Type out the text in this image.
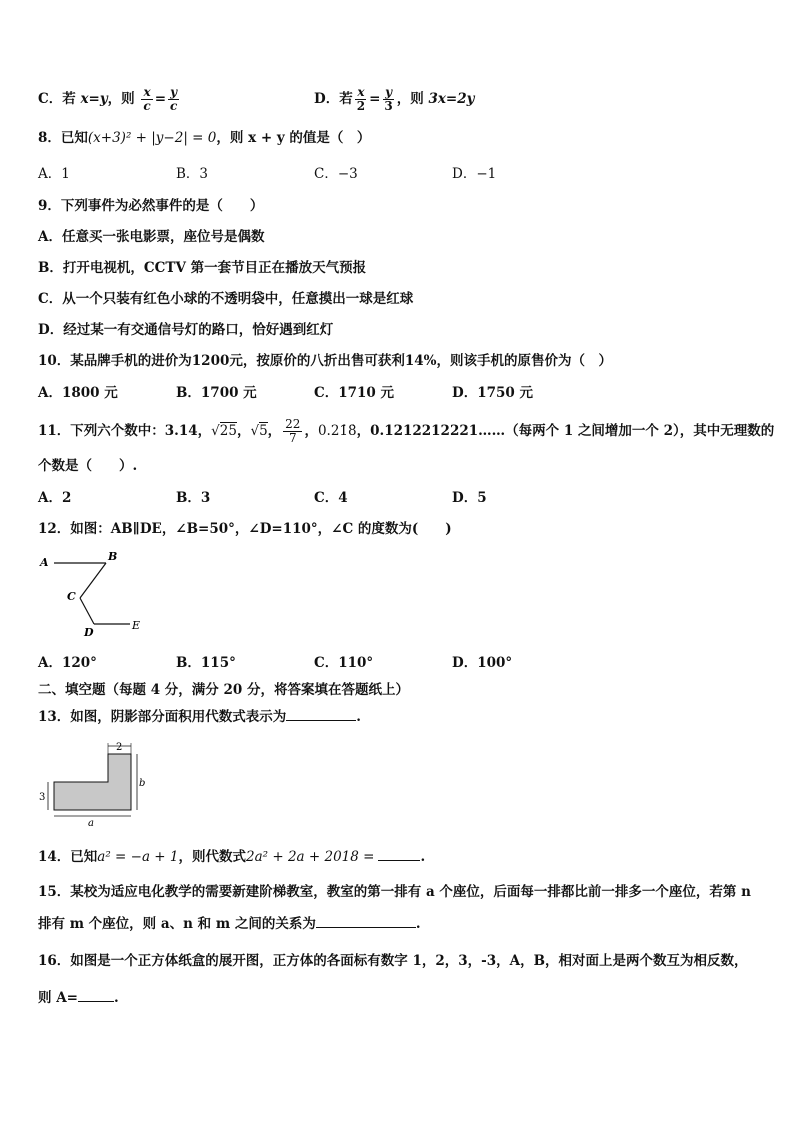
C．若 x=y，则 $\frac{x}{c} = \frac{y}{c}$	D．若 $\frac{x}{2} = \frac{y}{3}$ ，则 3x=2y
8．已知(x+3)² + |y−2| = 0，则 x + y 的值是（　）
A．1	B．3	C．−3	D．−1
9．下列事件为必然事件的是（　　）
A．任意买一张电影票，座位号是偶数
B．打开电视机，CCTV 第一套节目正在播放天气预报
C．从一个只装有红色小球的不透明袋中，任意摸出一球是红球
D．经过某一有交通信号灯的路口，恰好遇到红灯
10．某品牌手机的进价为1200元，按原价的八折出售可获利14%，则该手机的原售价为（　）
A．1800 元	B．1700 元	C．1710 元	D．1750 元
11．下列六个数中：3.14，√25，√5， $\frac{22}{7}$ ，0.21̇8̇，0.1212212221……（每两个 1 之间增加一个 2），其中无理数的
个数是（　　）.
A．2	B．3	C．4	D．5
12．如图：AB∥DE，∠B=50°，∠D=110°，∠C 的度数为(　　)
A	B
C
D
E
A．120°	B．115°	C．110°	D．100°
二、填空题（每题 4 分，满分 20 分，将答案填在答题纸上）
13．如图，阴影部分面积用代数式表示为	.
2
b
3
a
14．已知a² = −a + 1，则代数式2a² + 2a + 2018 =	.
15．某校为适应电化教学的需要新建阶梯教室，教室的第一排有 a 个座位，后面每一排都比前一排多一个座位，若第 n
排有 m 个座位，则 a、n 和 m 之间的关系为	.
16．如图是一个正方体纸盒的展开图，正方体的各面标有数字 1，2，3，-3，A，B，相对面上是两个数互为相反数，
则 A=	.
